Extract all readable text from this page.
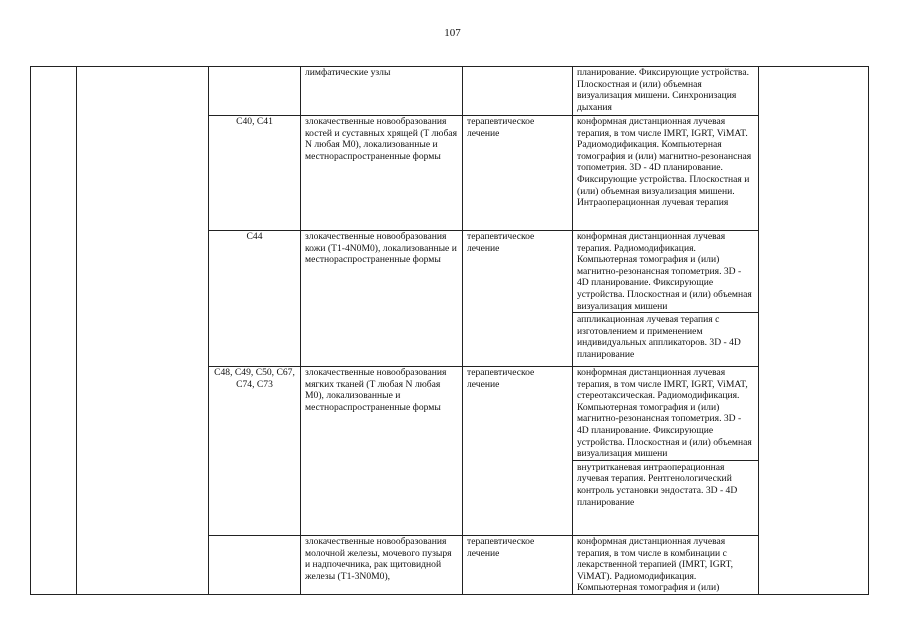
107
			лимфатические узлы		планирование. Фиксирующие устройства. Плоскостная и (или) объемная визуализация мишени. Синхронизация дыхания	

		C40, C41	злокачественные новообразования костей и суставных хрящей (T любая N любая M0), локализованные и местнораспространенные формы	терапевтическое лечение	конформная дистанционная лучевая терапия, в том числе IMRT, IGRT, ViMAT. Радиомодификация. Компьютерная томография и (или) магнитно-резонансная топометрия. 3D - 4D планирование. Фиксирующие устройства. Плоскостная и (или) объемная визуализация мишени. Интраоперационная лучевая терапия	

		C44	злокачественные новообразования кожи (T1-4N0M0), локализованные и местнораспространенные формы	терапевтическое лечение	конформная дистанционная лучевая терапия. Радиомодификация. Компьютерная томография и (или) магнитно-резонансная топометрия. 3D - 4D планирование. Фиксирующие устройства. Плоскостная и (или) объемная визуализация мишени
аппликационная лучевая терапия с изготовлением и применением индивидуальных аппликаторов. 3D - 4D планирование	

		C48, C49, C50, C67, C74, C73	злокачественные новообразования мягких тканей (T любая N любая M0), локализованные и местнораспространенные формы	терапевтическое лечение	конформная дистанционная лучевая терапия, в том числе IMRT, IGRT, ViMAT, стереотаксическая. Радиомодификация. Компьютерная томография и (или) магнитно-резонансная топометрия. 3D - 4D планирование. Фиксирующие устройства. Плоскостная и (или) объемная визуализация мишени
внутритканевая интраоперационная лучевая терапия. Рентгенологический контроль установки эндостата. 3D - 4D планирование	

			злокачественные новообразования молочной железы, мочевого пузыря и надпочечника, рак щитовидной железы (T1-3N0M0),	терапевтическое лечение	конформная дистанционная лучевая терапия, в том числе в комбинации с лекарственной терапией (IMRT, IGRT, ViMAT). Радиомодификация. Компьютерная томография и (или)	
